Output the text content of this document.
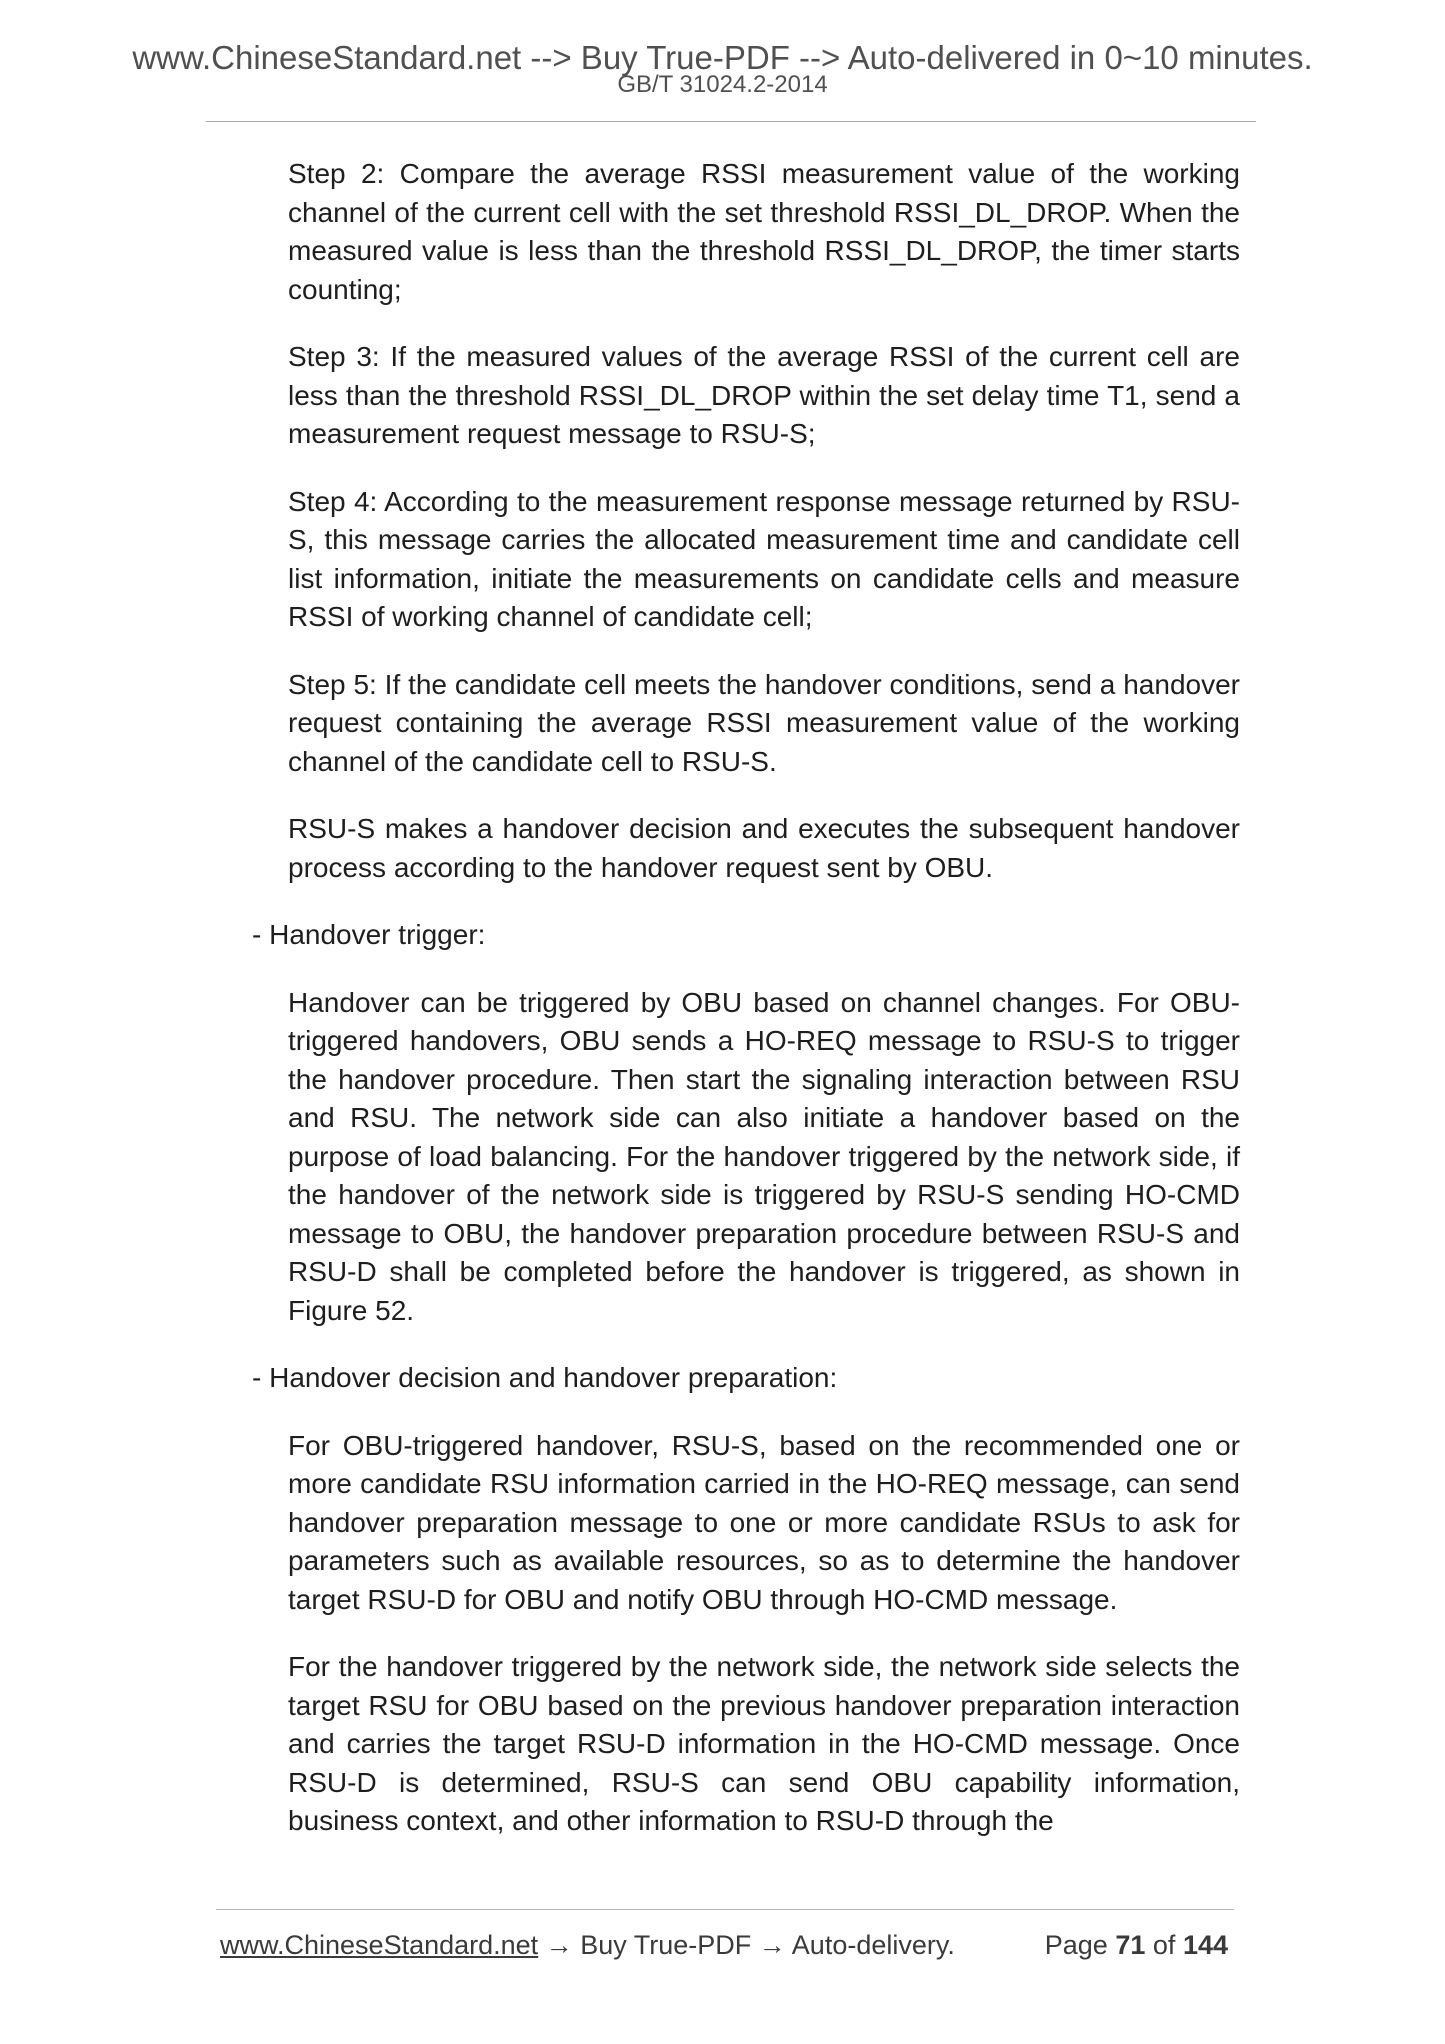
www.ChineseStandard.net --> Buy True-PDF --> Auto-delivered in 0~10 minutes.
GB/T 31024.2-2014

Step 2: Compare the average RSSI measurement value of the working channel of the current cell with the set threshold RSSI_DL_DROP. When the measured value is less than the threshold RSSI_DL_DROP, the timer starts counting;

Step 3: If the measured values of the average RSSI of the current cell are less than the threshold RSSI_DL_DROP within the set delay time T1, send a measurement request message to RSU-S;

Step 4: According to the measurement response message returned by RSU-S, this message carries the allocated measurement time and candidate cell list information, initiate the measurements on candidate cells and measure RSSI of working channel of candidate cell;

Step 5: If the candidate cell meets the handover conditions, send a handover request containing the average RSSI measurement value of the working channel of the candidate cell to RSU-S.

RSU-S makes a handover decision and executes the subsequent handover process according to the handover request sent by OBU.

- Handover trigger:

Handover can be triggered by OBU based on channel changes. For OBU-triggered handovers, OBU sends a HO-REQ message to RSU-S to trigger the handover procedure. Then start the signaling interaction between RSU and RSU. The network side can also initiate a handover based on the purpose of load balancing. For the handover triggered by the network side, if the handover of the network side is triggered by RSU-S sending HO-CMD message to OBU, the handover preparation procedure between RSU-S and RSU-D shall be completed before the handover is triggered, as shown in Figure 52.

- Handover decision and handover preparation:

For OBU-triggered handover, RSU-S, based on the recommended one or more candidate RSU information carried in the HO-REQ message, can send handover preparation message to one or more candidate RSUs to ask for parameters such as available resources, so as to determine the handover target RSU-D for OBU and notify OBU through HO-CMD message.

For the handover triggered by the network side, the network side selects the target RSU for OBU based on the previous handover preparation interaction and carries the target RSU-D information in the HO-CMD message. Once RSU-D is determined, RSU-S can send OBU capability information, business context, and other information to RSU-D through the

www.ChineseStandard.net → Buy True-PDF → Auto-delivery.	Page 71 of 144
